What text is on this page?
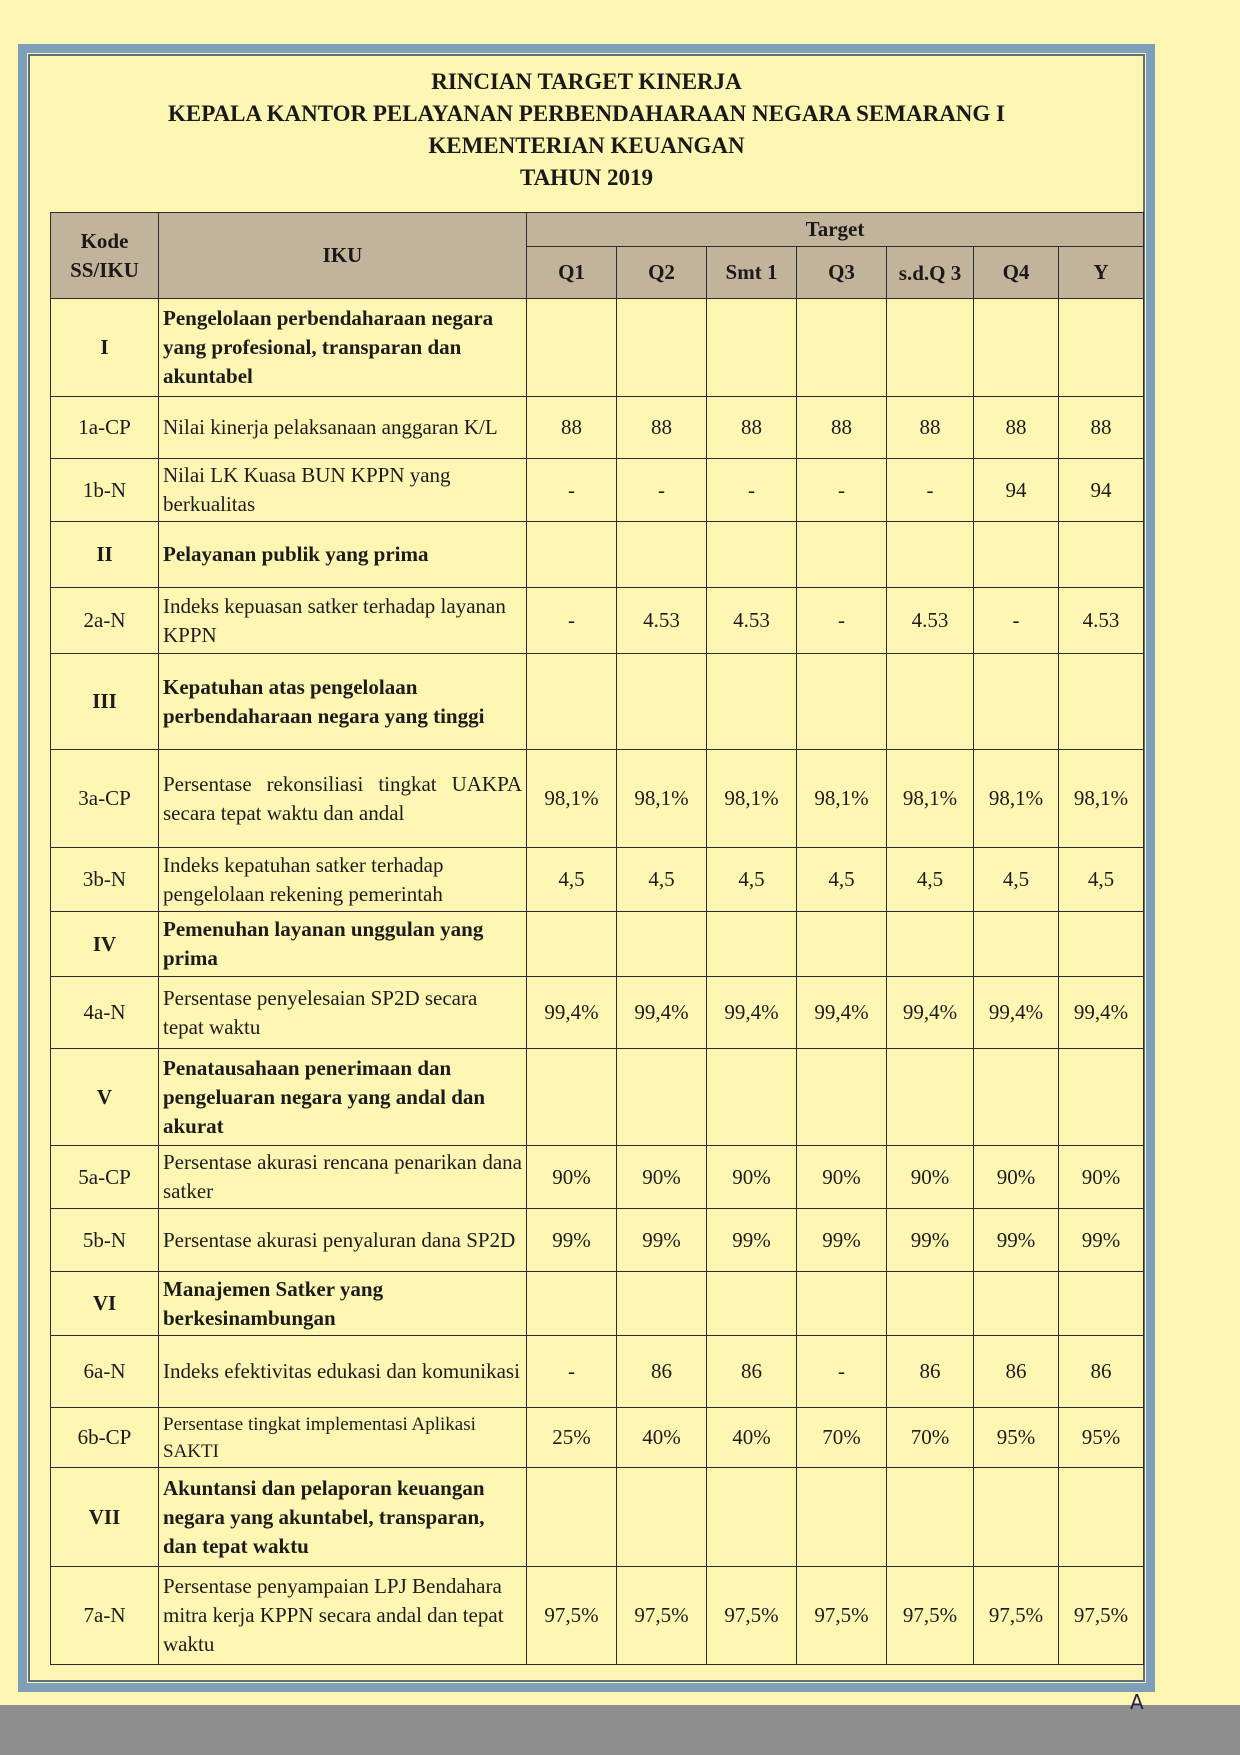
RINCIAN TARGET KINERJA
KEPALA KANTOR PELAYANAN PERBENDAHARAAN NEGARA SEMARANG I
KEMENTERIAN KEUANGAN
TAHUN 2019
Kode SS/IKU	IKU	Target						
		Q1	Q2	Smt 1	Q3	s.d.Q 3	Q4	Y
I	Pengelolaan perbendaharaan negara yang profesional, transparan dan akuntabel							
1a-CP	Nilai kinerja pelaksanaan anggaran K/L	88	88	88	88	88	88	88
1b-N	Nilai LK Kuasa BUN KPPN yang berkualitas	-	-	-	-	-	94	94
II	Pelayanan publik yang prima							
2a-N	Indeks kepuasan satker terhadap layanan KPPN	-	4.53	4.53	-	4.53	-	4.53
III	Kepatuhan atas pengelolaan perbendaharaan negara yang tinggi							
3a-CP	Persentase rekonsiliasi tingkat UAKPA secara tepat waktu dan andal	98,1%	98,1%	98,1%	98,1%	98,1%	98,1%	98,1%
3b-N	Indeks kepatuhan satker terhadap pengelolaan rekening pemerintah	4,5	4,5	4,5	4,5	4,5	4,5	4,5
IV	Pemenuhan layanan unggulan yang prima							
4a-N	Persentase penyelesaian SP2D secara tepat waktu	99,4%	99,4%	99,4%	99,4%	99,4%	99,4%	99,4%
V	Penatausahaan penerimaan dan pengeluaran negara yang andal dan akurat							
5a-CP	Persentase akurasi rencana penarikan dana satker	90%	90%	90%	90%	90%	90%	90%
5b-N	Persentase akurasi penyaluran dana SP2D	99%	99%	99%	99%	99%	99%	99%
VI	Manajemen Satker yang berkesinambungan							
6a-N	Indeks efektivitas edukasi dan komunikasi	-	86	86	-	86	86	86
6b-CP	Persentase tingkat implementasi Aplikasi SAKTI	25%	40%	40%	70%	70%	95%	95%
VII	Akuntansi dan pelaporan keuangan negara yang akuntabel, transparan, dan tepat waktu							
7a-N	Persentase penyampaian LPJ Bendahara mitra kerja KPPN secara andal dan tepat waktu	97,5%	97,5%	97,5%	97,5%	97,5%	97,5%	97,5%
A
